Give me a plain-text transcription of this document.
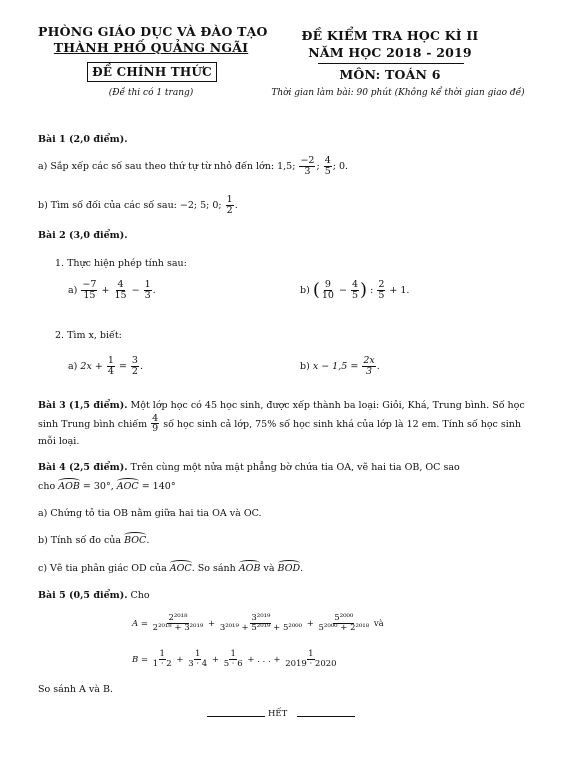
PHÒNG GIÁO DỤC VÀ ĐÀO TẠO
THÀNH PHỐ QUẢNG NGÃI
ĐỀ CHÍNH THỨC
(Đề thi có 1 trang)
ĐỀ KIỂM TRA HỌC KÌ II
NĂM HỌC 2018 - 2019
MÔN: TOÁN 6
Thời gian làm bài: 90 phút (Không kể thời gian giao đề)
Bài 1 (2,0 điểm).
a) Sắp xếp các số sau theo thứ tự từ nhỏ đến lớn: 1,5; $\frac{-2}{3}$ ; $\frac{4}{5}$ ; 0.
b) Tìm số đối của các số sau: −2; 5; 0; $\frac{1}{2}$ .
Bài 2 (3,0 điểm).
1. Thực hiện phép tính sau:
$a) \frac{-7}{15} + \frac{4}{15} - \frac{1}{3}$ .	b) ( $\frac{9}{10} - \frac{4}{5}$ ) : $\frac{2}{5} + 1$.
2. Tìm x, biết:
a) $2x + \frac{1}{4} = \frac{3}{2}$ .	b) $x - 1,5 = \frac{2x}{3}$ .
Bài 3 (1,5 điểm). Một lớp học có 45 học sinh, được xếp thành ba loại: Giỏi, Khá, Trung bình. Số học sinh Trung bình chiếm $\frac{4}{9}$ số học sinh cả lớp, 75% số học sinh khá của lớp là 12 em. Tính số học sinh mỗi loại.
Bài 4 (2,5 điểm). Trên cùng một nửa mặt phẳng bờ chứa tia OA, vẽ hai tia OB, OC sao
cho AOB = 30°, AOC = 140°
a) Chứng tỏ tia OB nằm giữa hai tia OA và OC.
b) Tính số đo của BOC.
c) Vẽ tia phân giác OD của AOC. So sánh AOB và BOD.
Bài 5 (0,5 điểm). Cho
$A = \frac{\text{2²⁰¹⁸}}{\text{2²⁰¹⁸ + 3²⁰¹⁹}} + \frac{\text{3²⁰¹⁹}}{\text{3²⁰¹⁹ + 5²⁰¹⁹ + 5²⁰⁰⁰}} + \frac{\text{5²⁰⁰⁰}}{\text{5²⁰⁰⁰ + 2²⁰¹⁸}}$ và
$B = \frac{1}{1 \cdot 2} + \frac{1}{3 \cdot 4} + \frac{1}{5 \cdot 6}$ + . . . + $\frac{1}{2019 \cdot 2020}$
So sánh A và B.
HẾT
